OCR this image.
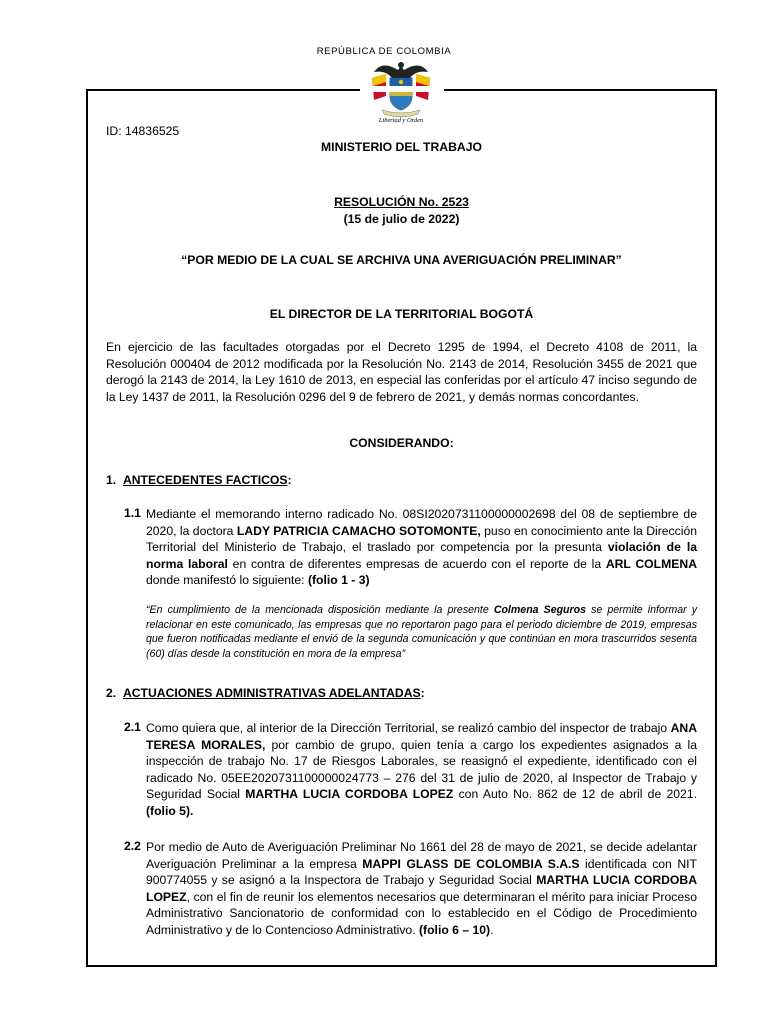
REPÚBLICA DE COLOMBIA
Libertad y Orden
ID: 14836525
MINISTERIO DEL TRABAJO
RESOLUCIÓN No. 2523
(15 de julio de 2022)
“POR MEDIO DE LA CUAL SE ARCHIVA UNA AVERIGUACIÓN PRELIMINAR”
EL DIRECTOR DE LA TERRITORIAL BOGOTÁ
En ejercicio de las facultades otorgadas por el Decreto 1295 de 1994, el Decreto 4108 de 2011, la Resolución 000404 de 2012 modificada por la Resolución No. 2143 de 2014, Resolución 3455 de 2021 que derogó la 2143 de 2014, la Ley 1610 de 2013, en especial las conferidas por el artículo 47 inciso segundo de la Ley 1437 de 2011, la Resolución 0296 del 9 de febrero de 2021, y demás normas concordantes.
CONSIDERANDO:
1. ANTECEDENTES FACTICOS:
1.1 Mediante el memorando interno radicado No. 08SI2020731100000002698 del 08 de septiembre de 2020, la doctora LADY PATRICIA CAMACHO SOTOMONTE, puso en conocimiento ante la Dirección Territorial del Ministerio de Trabajo, el traslado por competencia por la presunta violación de la norma laboral en contra de diferentes empresas de acuerdo con el reporte de la ARL COLMENA donde manifestó lo siguiente: (folio 1 - 3)
“En cumplimiento de la mencionada disposición mediante la presente Colmena Seguros se permite informar y relacionar en este comunicado, las empresas que no reportaron pago para el periodo diciembre de 2019, empresas que fueron notificadas mediante el envió de la segunda comunicación y que continúan en mora trascurridos sesenta (60) días desde la constitución en mora de la empresa”
2. ACTUACIONES ADMINISTRATIVAS ADELANTADAS:
2.1 Como quiera que, al interior de la Dirección Territorial, se realizó cambio del inspector de trabajo ANA TERESA MORALES, por cambio de grupo, quien tenía a cargo los expedientes asignados a la inspección de trabajo No. 17 de Riesgos Laborales, se reasignó el expediente, identificado con el radicado No. 05EE2020731100000024773 – 276 del 31 de julio de 2020, al Inspector de Trabajo y Seguridad Social MARTHA LUCIA CORDOBA LOPEZ con Auto No. 862 de 12 de abril de 2021. (folio 5).
2.2 Por medio de Auto de Averiguación Preliminar No 1661 del 28 de mayo de 2021, se decide adelantar Averiguación Preliminar a la empresa MAPPI GLASS DE COLOMBIA S.A.S identificada con NIT 900774055 y se asignó a la Inspectora de Trabajo y Seguridad Social MARTHA LUCIA CORDOBA LOPEZ, con el fin de reunir los elementos necesarios que determinaran el mérito para iniciar Proceso Administrativo Sancionatorio de conformidad con lo establecido en el Código de Procedimiento Administrativo y de lo Contencioso Administrativo. (folio 6 – 10).
